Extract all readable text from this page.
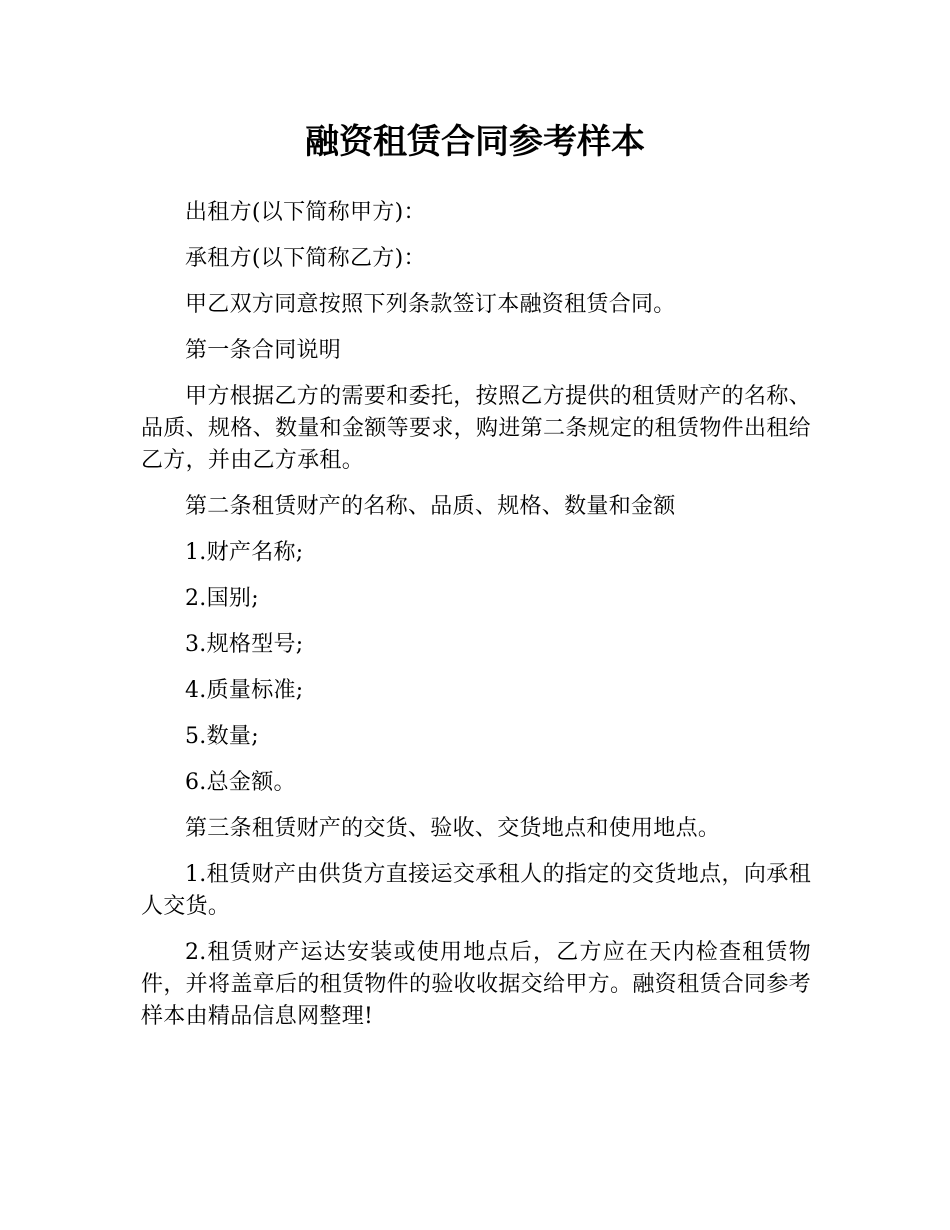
融资租赁合同参考样本

出租方(以下简称甲方)：

承租方(以下简称乙方)：

甲乙双方同意按照下列条款签订本融资租赁合同。

第一条合同说明

甲方根据乙方的需要和委托，按照乙方提供的租赁财产的名称、品质、规格、数量和金额等要求，购进第二条规定的租赁物件出租给乙方，并由乙方承租。

第二条租赁财产的名称、品质、规格、数量和金额

1.财产名称;

2.国别;

3.规格型号;

4.质量标准;

5.数量;

6.总金额。

第三条租赁财产的交货、验收、交货地点和使用地点。

1.租赁财产由供货方直接运交承租人的指定的交货地点，向承租人交货。

2.租赁财产运达安装或使用地点后，乙方应在天内检查租赁物件，并将盖章后的租赁物件的验收收据交给甲方。融资租赁合同参考样本由精品信息网整理!
